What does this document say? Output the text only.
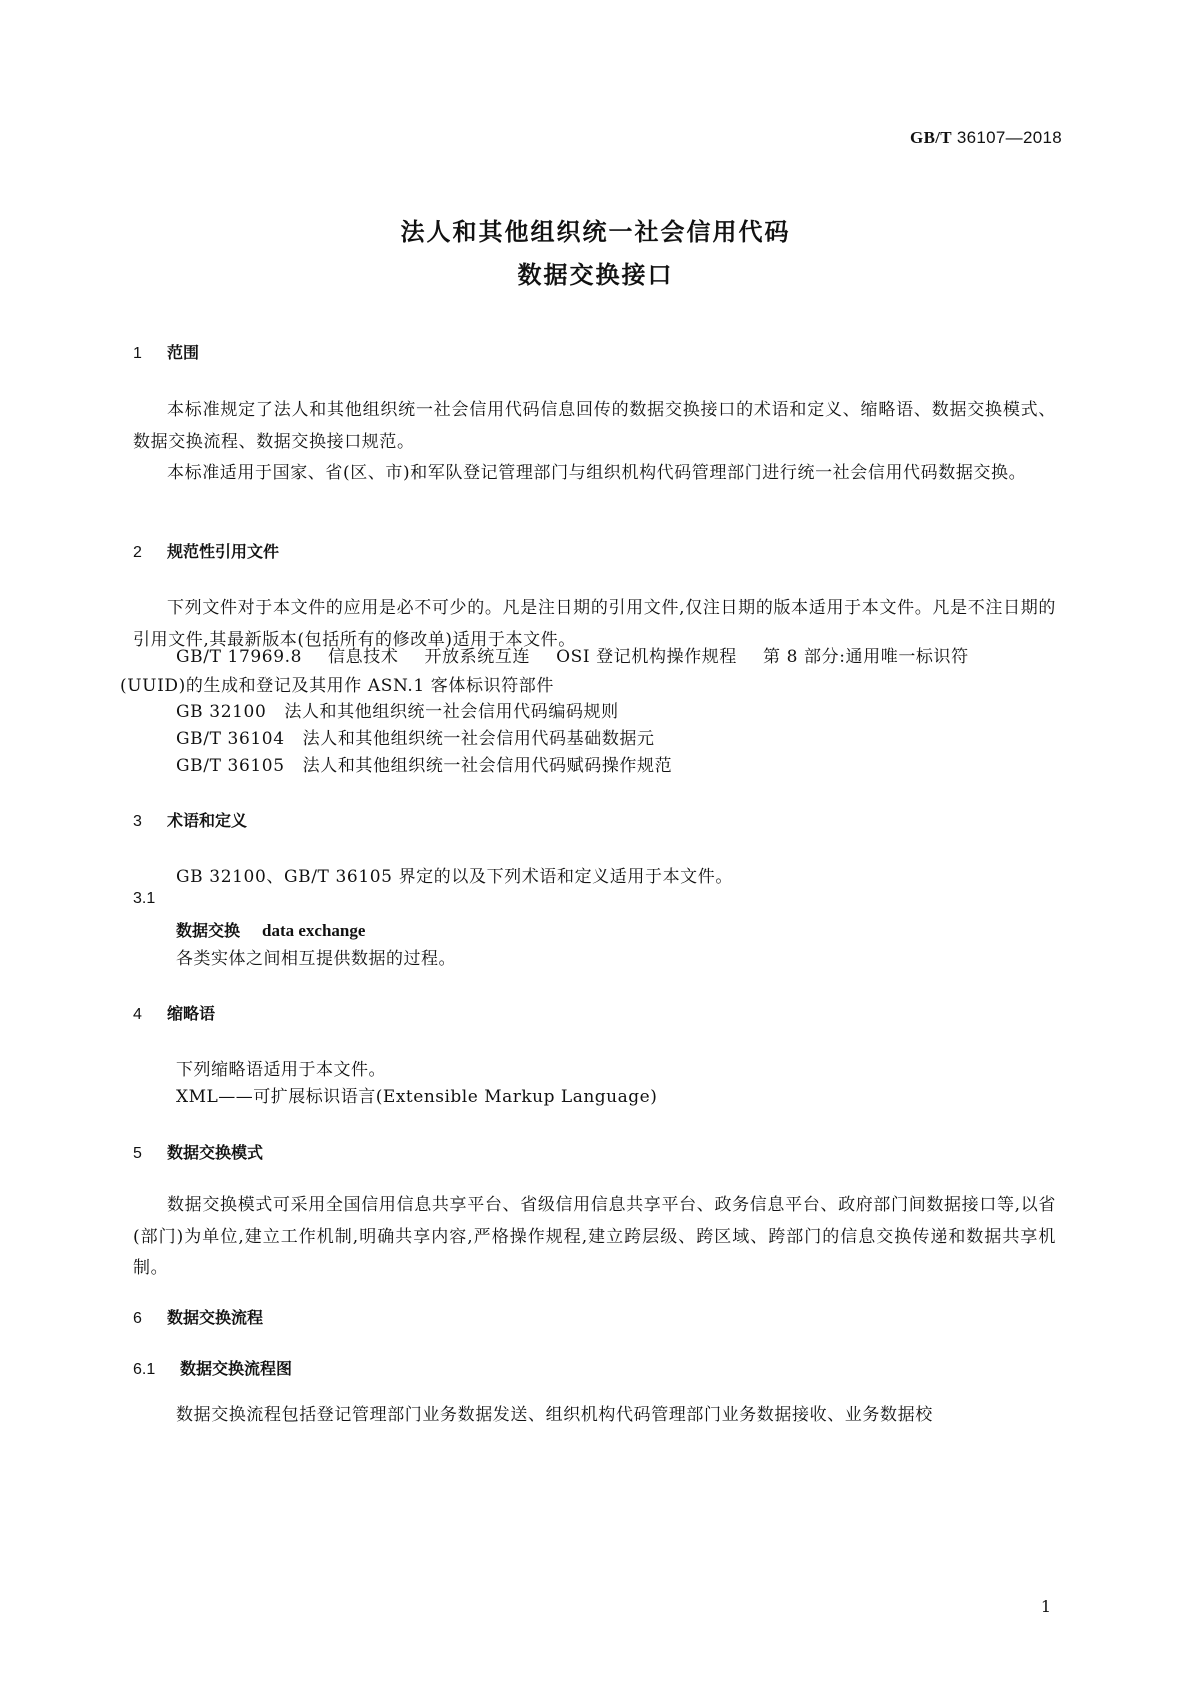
GB/T 36107—2018
法人和其他组织统一社会信用代码
数据交换接口
1 范围
本标准规定了法人和其他组织统一社会信用代码信息回传的数据交换接口的术语和定义、缩略语、数据交换模式、数据交换流程、数据交换接口规范。
本标准适用于国家、省(区、市)和军队登记管理部门与组织机构代码管理部门进行统一社会信用代码数据交换。
2 规范性引用文件
下列文件对于本文件的应用是必不可少的。凡是注日期的引用文件,仅注日期的版本适用于本文件。凡是不注日期的引用文件,其最新版本(包括所有的修改单)适用于本文件。
GB/T 17969.8 信息技术 开放系统互连 OSI 登记机构操作规程 第 8 部分:通用唯一标识符
(UUID)的生成和登记及其用作 ASN.1 客体标识符部件
GB 32100 法人和其他组织统一社会信用代码编码规则
GB/T 36104 法人和其他组织统一社会信用代码基础数据元
GB/T 36105 法人和其他组织统一社会信用代码赋码操作规范
3 术语和定义
GB 32100、GB/T 36105 界定的以及下列术语和定义适用于本文件。
3.1
数据交换 data exchange
各类实体之间相互提供数据的过程。
4 缩略语
下列缩略语适用于本文件。
XML——可扩展标识语言(Extensible Markup Language)
5 数据交换模式
数据交换模式可采用全国信用信息共享平台、省级信用信息共享平台、政务信息平台、政府部门间数据接口等,以省(部门)为单位,建立工作机制,明确共享内容,严格操作规程,建立跨层级、跨区域、跨部门的信息交换传递和数据共享机制。
6 数据交换流程
6.1 数据交换流程图
数据交换流程包括登记管理部门业务数据发送、组织机构代码管理部门业务数据接收、业务数据校
1
